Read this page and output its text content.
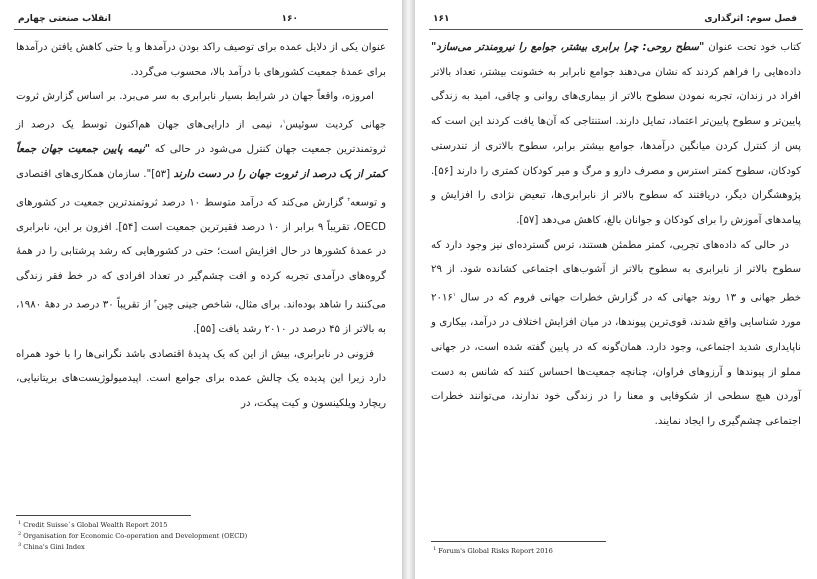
۱۶۰
انقلاب صنعتی چهارم

عنوان یکی از دلایل عمده برای توصیف راکد بودن درآمدها و یا حتی کاهش یافتن درآمدها برای عمدهٔ جمعیت کشورهای با درآمد بالا، محسوب می‌گردد.

امروزه، واقعاً جهان در شرایط بسیار نابرابری به سر می‌برد. بر اساس گزارش ثروت جهانی کردیت سوئیس$^۱$، نیمی از دارایی‌های جهان هم‌اکنون توسط یک درصد از ثروتمندترین جمعیت جهان کنترل می‌شود در حالی که "نیمه پایین جمعیت جهان جمعاً کمتر از یک درصد از ثروت جهان را در دست دارند [۵۳]". سازمان همکاری‌های اقتصادی و توسعه$^۲$ گزارش می‌کند که درآمد متوسط ۱۰ درصد ثروتمندترین جمعیت در کشورهای OECD، تقریباً ۹ برابر از ۱۰ درصد فقیرترین جمعیت است [۵۴]. افزون بر این، نابرابری در عمدهٔ کشورها در حال افزایش است؛ حتی در کشورهایی که رشد پرشتابی را در همهٔ گروه‌های درآمدی تجربه کرده و افت چشم‌گیر در تعداد افرادی که در خط فقر زندگی می‌کنند را شاهد بوده‌اند. برای مثال، شاخص جینی چین$^۳$ از تقریباً ۳۰ درصد در دههٔ ۱۹۸۰، به بالاتر از ۴۵ درصد در ۲۰۱۰ رشد یافت [۵۵].

فزونی در نابرابری، بیش از این که یک پدیدهٔ اقتصادی باشد نگرانی‌ها را با خود همراه دارد زیرا این پدیده یک چالش عمده برای جوامع است. اپیدمیولوژیست‌های بریتانیایی، ریچارد ویلکینسون و کیت پیکت، در

$^1$ Credit Suisse`s Global Wealth Report 2015
$^2$ Organisation for Economic Co-operation and Development (OECD)
$^3$ China's Gini Index
۱۶۱	فصل سوم: اثرگذاری

کتاب خود تحت عنوان "سطح روحی: چرا برابری بیشتر، جوامع را نیرومندتر می‌سازد" داده‌هایی را فراهم کردند که نشان می‌دهند جوامع نابرابر به خشونت بیشتر، تعداد بالاتر افراد در زندان، تجربه نمودن سطوح بالاتر از بیماری‌های روانی و چاقی، امید به زندگی پایین‌تر و سطوح پایین‌تر اعتماد، تمایل دارند. استنتاجی که آن‌ها یافت کردند این است که پس از کنترل کردن میانگین درآمدها، جوامع بیشتر برابر، سطوح بالاتری از تندرستی کودکان، سطوح کمتر استرس و مصرف دارو و مرگ و میر کودکان کمتری را دارند [۵۶]. پژوهشگران دیگر، دریافتند که سطوح بالاتر از نابرابری‌ها، تبعیض نژادی را افزایش و پیامدهای آموزش را برای کودکان و جوانان بالغ، کاهش می‌دهد [۵۷].

در حالی که داده‌های تجربی، کمتر مطمئن هستند، ترس گسترده‌ای نیز وجود دارد که سطوح بالاتر از نابرابری به سطوح بالاتر از آشوب‌های اجتماعی کشانده شود. از ۲۹ خطر جهانی و ۱۳ روند جهانی که در گزارش خطرات جهانی فروم که در سال ۲۰۱۶$^۱$ مورد شناسایی واقع شدند، قوی‌ترین پیوندها، در میان افزایش اختلاف در درآمد، بیکاری و ناپایداری شدید اجتماعی، وجود دارد. همان‌گونه که در پایین گفته شده است، در جهانی مملو از پیوندها و آرزوهای فراوان، چنانچه جمعیت‌ها احساس کنند که شانس به دست آوردن هیچ سطحی از شکوفایی و معنا را در زندگی خود ندارند، می‌توانند خطرات اجتماعی چشم‌گیری را ایجاد نمایند.

$^1$ Forum's Global Risks Report 2016
